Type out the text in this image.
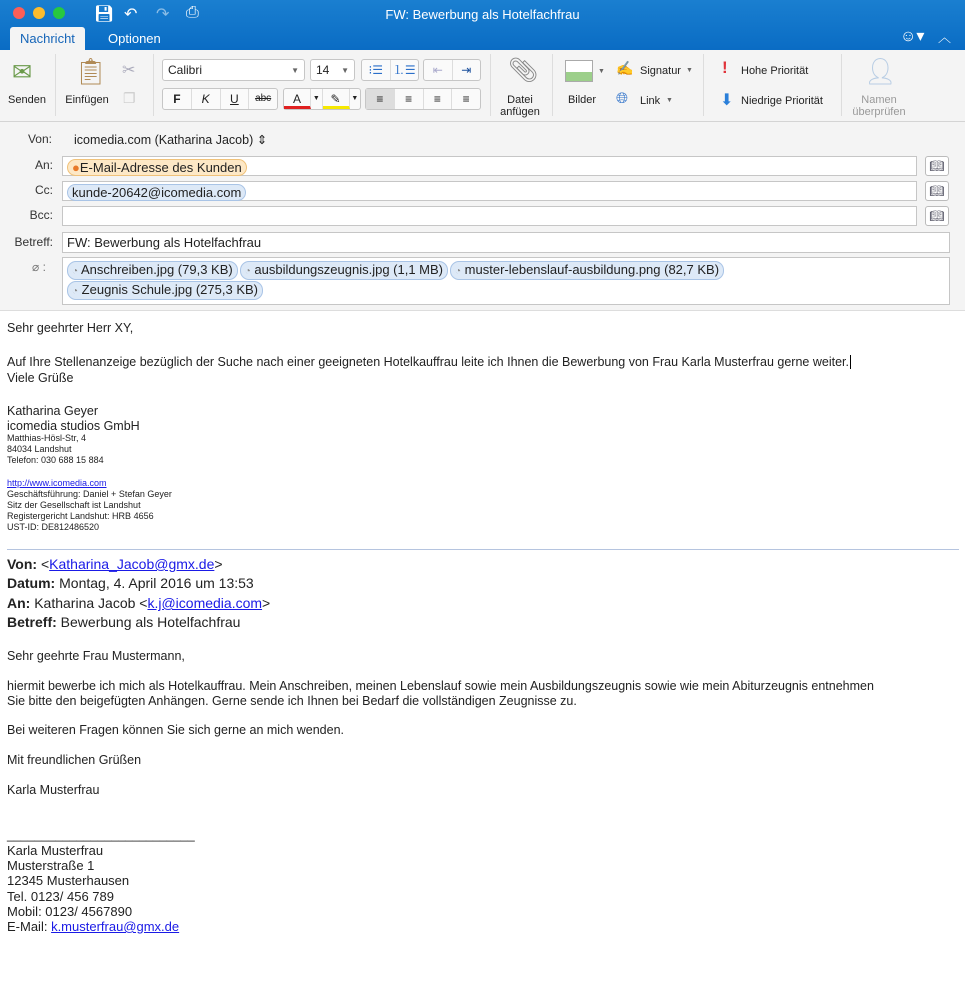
💾︎ ↶ ↷ ⎙	FW: Bewerbung als Hotelfachfrau
Nachricht	Optionen	☺▾ ︿
✉
Senden
📋︎
Einfügen
✂
❐
Calibri	▼	14 ▼	⁝☰ ⒈☰	⇤	⇥
F	K	U	abc	A	▼ ✎	▼	≡	≡	≡	≡
📎︎
Datei
anfügen
▼
Bilder
✍ Signatur ▼
🌐︎ Link ▼
! Hohe Priorität
⬇ Niedrige Priorität
👤︎
Namen
überprüfen
Von: icomedia.com (Katharina Jacob) ⇕
An:	●E-Mail-Adresse des Kunden	📖︎
Cc:	kunde-20642@icomedia.com	📖︎
Bcc:	📖︎
Betreff:	FW: Bewerbung als Hotelfachfrau
⌀ :	◔ Anschreiben.jpg (79,3 KB) ◔ ausbildungszeugnis.jpg (1,1 MB) ◔ muster-lebenslauf-ausbildung.png (82,7 KB)
◔ Zeugnis Schule.jpg (275,3 KB)
Sehr geehrter Herr XY,
Auf Ihre Stellenanzeige bezüglich der Suche nach einer geeigneten Hotelkauffrau leite ich Ihnen die Bewerbung von Frau Karla Musterfrau gerne weiter.
Viele Grüße
Katharina Geyer
icomedia studios GmbH
Matthias-Hösl-Str, 4
84034 Landshut
Telefon: 030 688 15 884
http://www.icomedia.com
Geschäftsführung: Daniel + Stefan Geyer
Sitz der Gesellschaft ist Landshut
Registergericht Landshut: HRB 4656
UST-ID: DE812486520
Von: <Katharina_Jacob@gmx.de>
Datum: Montag, 4. April 2016 um 13:53
An: Katharina Jacob <k.j@icomedia.com>
Betreff: Bewerbung als Hotelfachfrau
Sehr geehrte Frau Mustermann,
hiermit bewerbe ich mich als Hotelkauffrau. Mein Anschreiben, meinen Lebenslauf sowie mein Ausbildungszeugnis sowie wie mein Abiturzeugnis entnehmen
Sie bitte den beigefügten Anhängen. Gerne sende ich Ihnen bei Bedarf die vollständigen Zeugnisse zu.
Bei weiteren Fragen können Sie sich gerne an mich wenden.
Mit freundlichen Grüßen
Karla Musterfrau
___________________________
Karla Musterfrau
Musterstraße 1
12345 Musterhausen
Tel. 0123/ 456 789
Mobil: 0123/ 4567890
E-Mail: k.musterfrau@gmx.de
